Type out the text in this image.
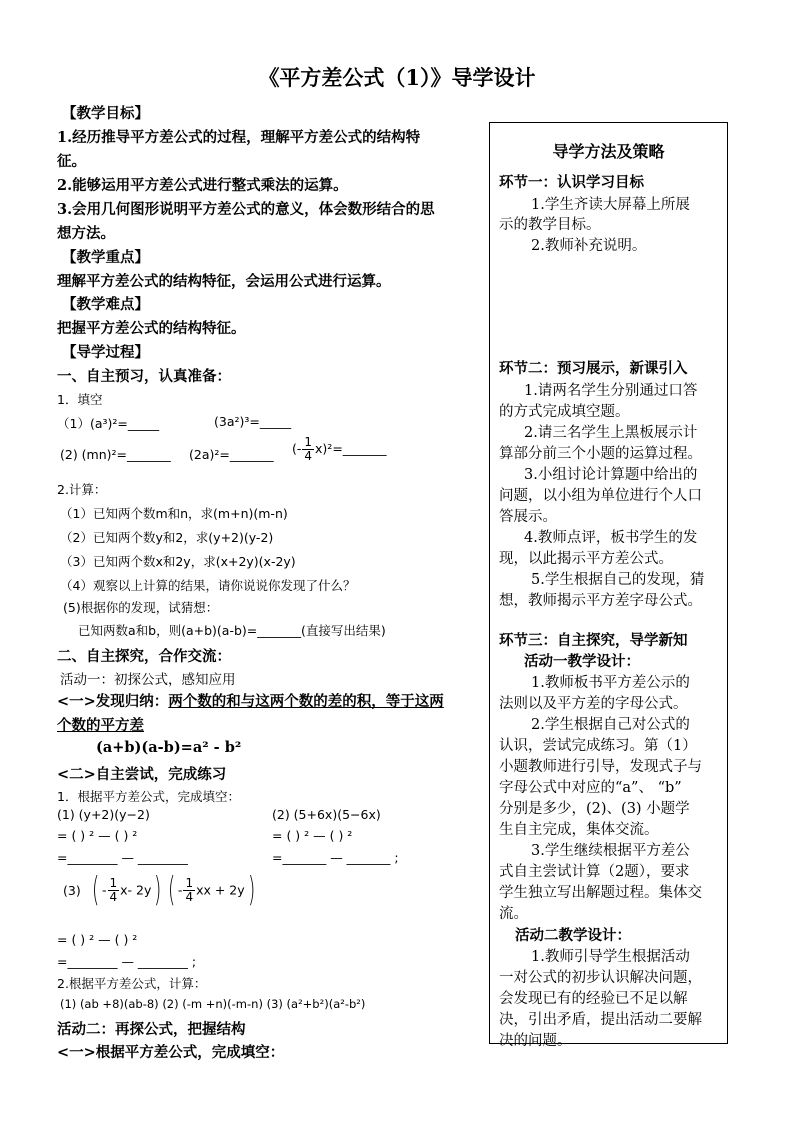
《平方差公式（1）》导学设计
【教学目标】
1.经历推导平方差公式的过程，理解平方差公式的结构特
征。
2.能够运用平方差公式进行整式乘法的运算。
3.会用几何图形说明平方差公式的意义，体会数形结合的思
想方法。
【教学重点】
理解平方差公式的结构特征，会运用公式进行运算。
【教学难点】
把握平方差公式的结构特征。
【导学过程】
一、自主预习，认真准备：
1．填空
（1）(a³)²=_____	(3a²)³=_____
(2) (mn)²=_______ (2a)²=_______ (- $\frac{1}{4}$ x)²=_______
2.计算：
（1）已知两个数m和n，求(m+n)(m-n)
（2）已知两个数y和2，求(y+2)(y-2)
（3）已知两个数x和2y，求(x+2y)(x-2y)
（4）观察以上计算的结果，请你说说你发现了什么？
(5)根据你的发现，试猜想：
已知两数a和b，则(a+b)(a-b)=_______(直接写出结果)
二、自主探究，合作交流：
活动一：初探公式，感知应用
<一>发现归纳：两个数的和与这两个数的差的积，等于这两
个数的平方差
(a+b)(a-b)=a² - b²
<二>自主尝试，完成练习
1．根据平方差公式，完成填空：
(1) (y+2)(y−2)	(2) (5+6x)(5−6x)
= ( ) ² — ( ) ²	= ( ) ² — ( ) ²
=________ — ________	=_______ — _______ ;
(3) ( - $\frac{1}{4} x-$ 2y) ( - $\frac{1}{4}$ xx + 2y)
= ( ) ² — ( ) ²
=________ — ________ ;
2.根据平方差公式，计算：
(1) (ab +8)(ab-8) (2) (-m +n)(-m-n) (3) (a²+b²)(a²-b²)
活动二：再探公式，把握结构
<一>根据平方差公式，完成填空：
导学方法及策略
环节一：认识学习目标
1.学生齐读大屏幕上所展
示的教学目标。
2.教师补充说明。
环节二：预习展示，新课引入
1.请两名学生分别通过口答
的方式完成填空题。
2.请三名学生上黑板展示计
算部分前三个小题的运算过程。
3.小组讨论计算题中给出的
问题，以小组为单位进行个人口
答展示。
4.教师点评，板书学生的发
现，以此揭示平方差公式。
5.学生根据自己的发现，猜
想，教师揭示平方差字母公式。
环节三：自主探究，导学新知
活动一教学设计：
1.教师板书平方差公示的
法则以及平方差的字母公式。
2.学生根据自己对公式的
认识，尝试完成练习。第（1）
小题教师进行引导，发现式子与
字母公式中对应的“a”、 “b”
分别是多少，(2)、(3) 小题学
生自主完成，集体交流。
3.学生继续根据平方差公
式自主尝试计算（2题），要求
学生独立写出解题过程。集体交
流。
活动二教学设计：
1.教师引导学生根据活动
一对公式的初步认识解决问题，
会发现已有的经验已不足以解
决，引出矛盾，提出活动二要解
决的问题。
